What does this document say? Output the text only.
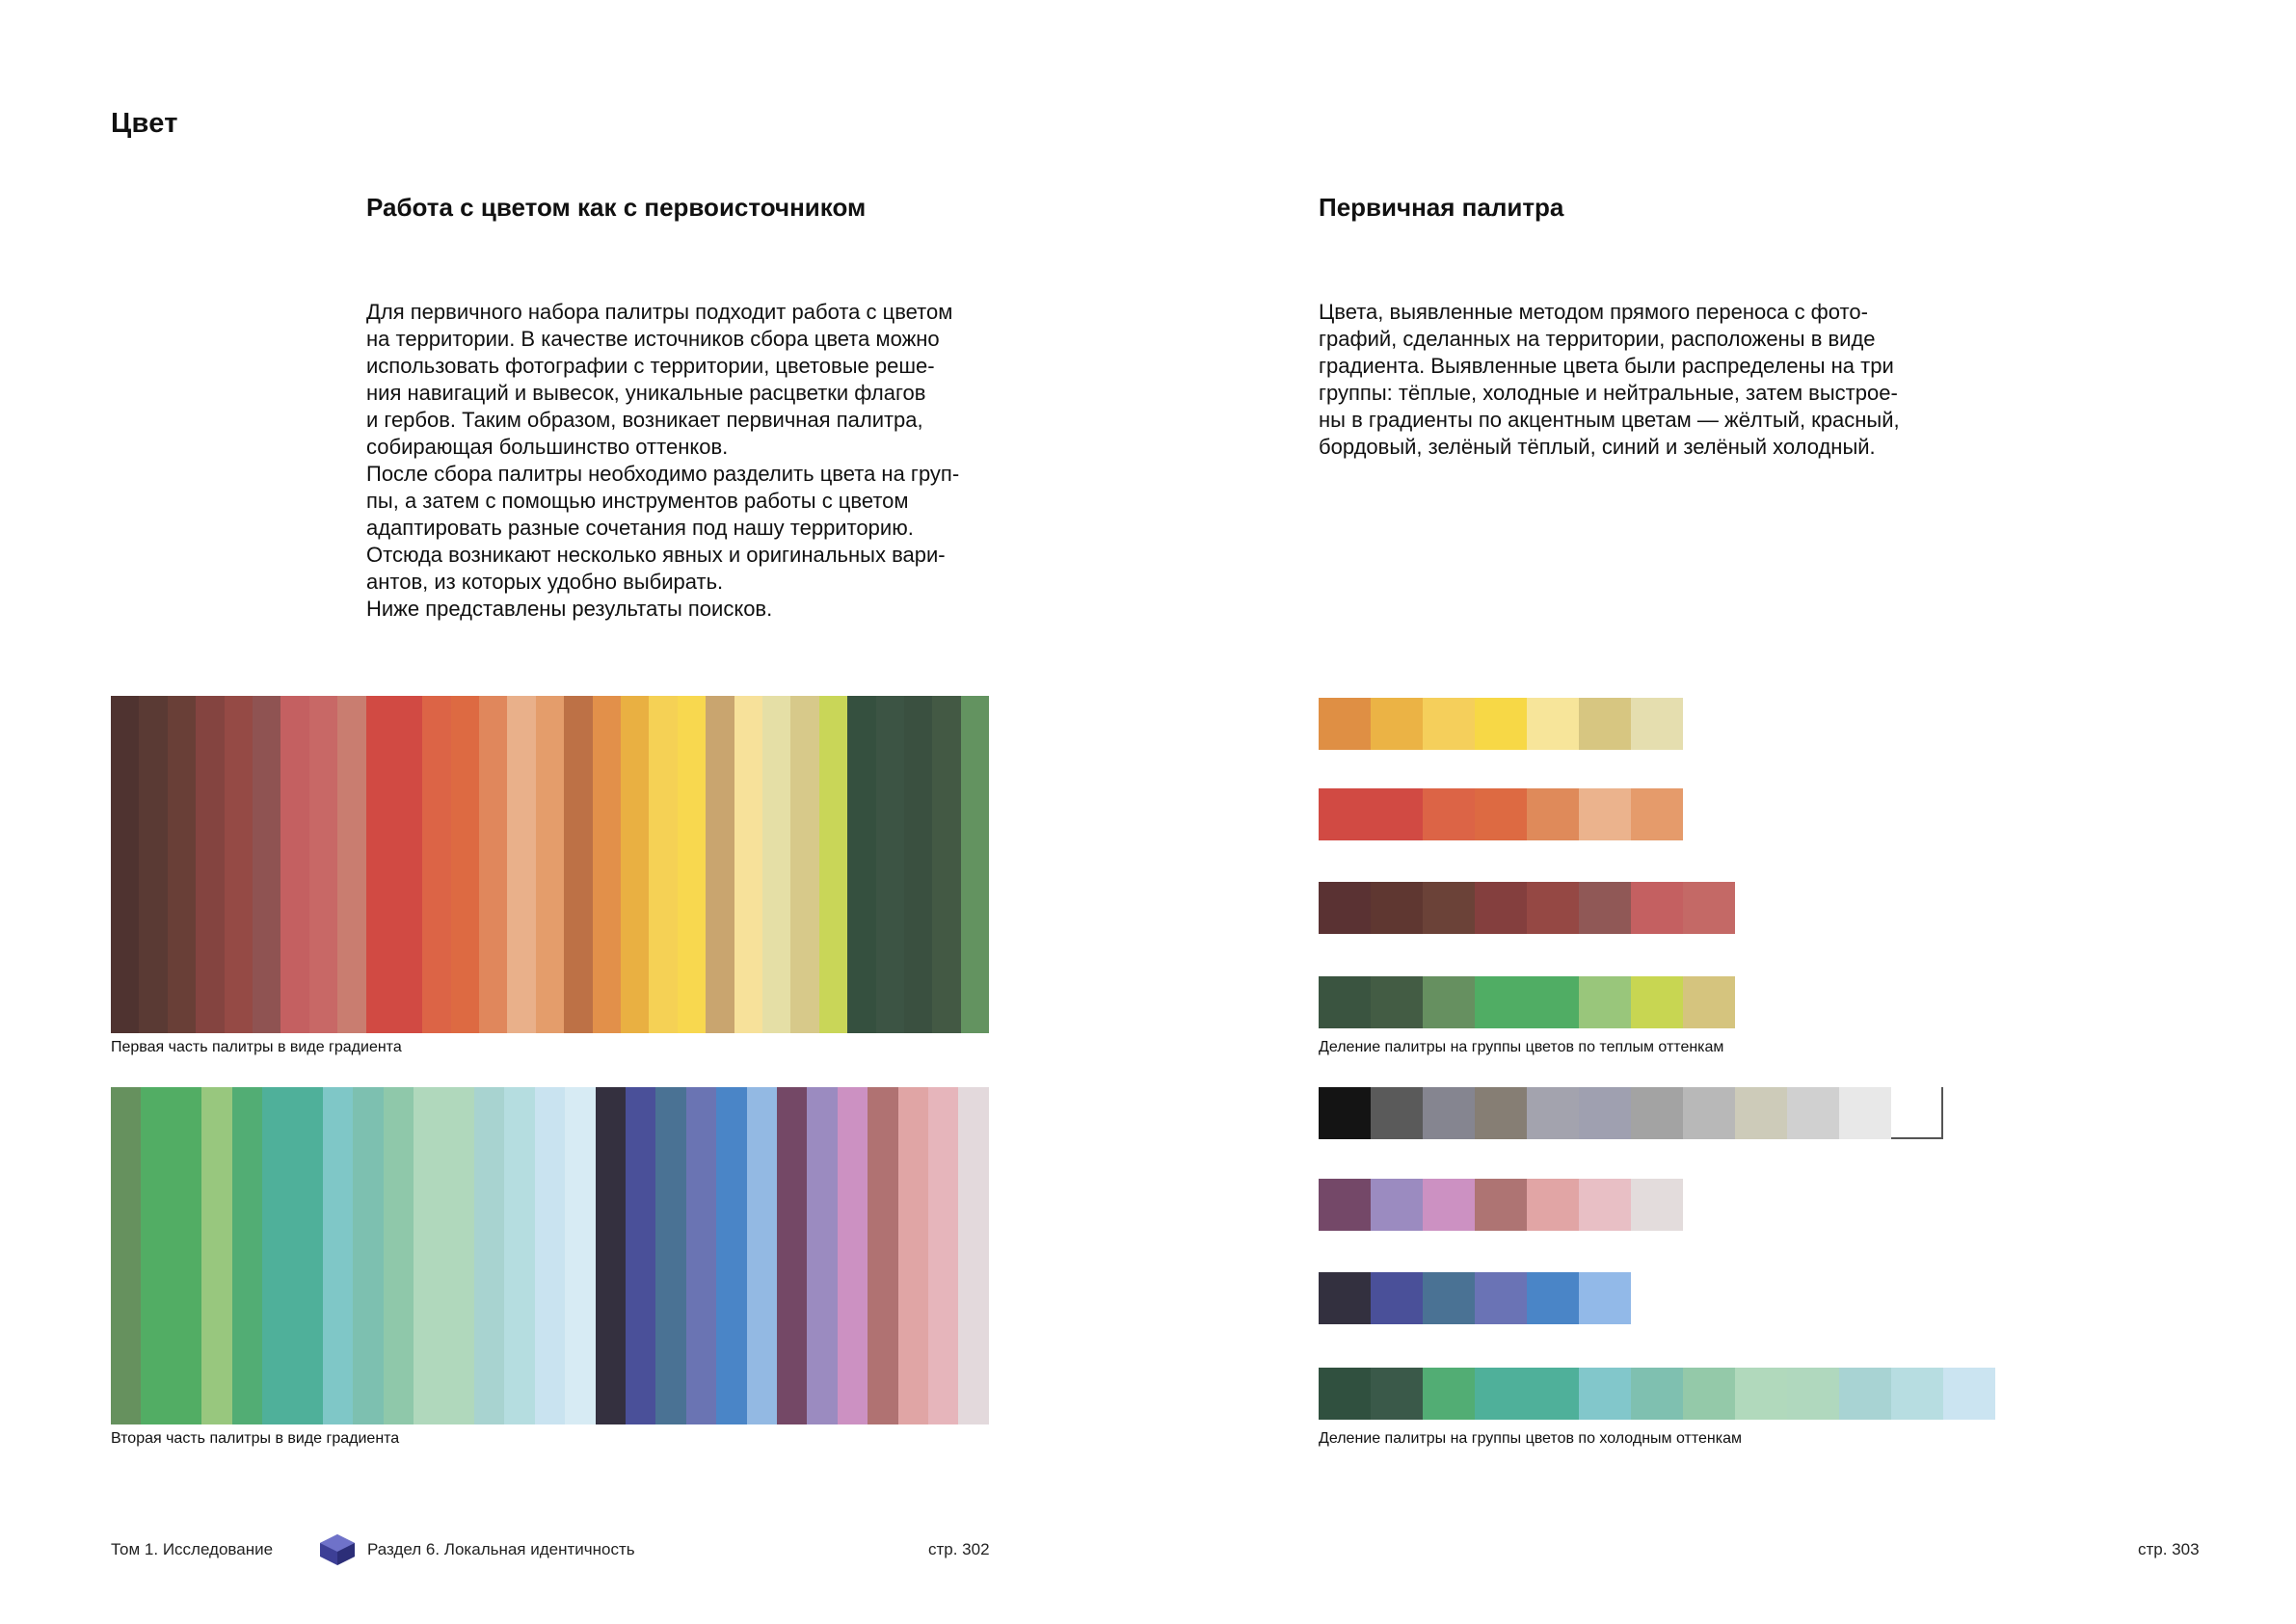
Цвет
Работа с цветом как с первоисточником
Для первичного набора палитры подходит работа с цветом
на территории. В качестве источников сбора цвета можно
использовать фотографии с территории, цветовые реше-
ния навигаций и вывесок, уникальные расцветки флагов
и гербов. Таким образом, возникает первичная палитра,
собирающая большинство оттенков.
После сбора палитры необходимо разделить цвета на груп-
пы, а затем с помощью инструментов работы с цветом
адаптировать разные сочетания под нашу территорию.
Отсюда возникают несколько явных и оригинальных вари-
антов, из которых удобно выбирать.
Ниже представлены результаты поисков.
Первичная палитра
Цвета, выявленные методом прямого переноса с фото-
графий, сделанных на территории, расположены в виде
градиента. Выявленные цвета были распределены на три
группы: тёплые, холодные и нейтральные, затем выстрое-
ны в градиенты по акцентным цветам — жёлтый, красный,
бордовый, зелёный тёплый, синий и зелёный холодный.
Первая часть палитры в виде градиента
Вторая часть палитры в виде градиента
Деление палитры на группы цветов по теплым оттенкам
Деление палитры на группы цветов по холодным оттенкам
Том 1. Исследование	Раздел 6. Локальная идентичность	стр. 302	стр. 303
